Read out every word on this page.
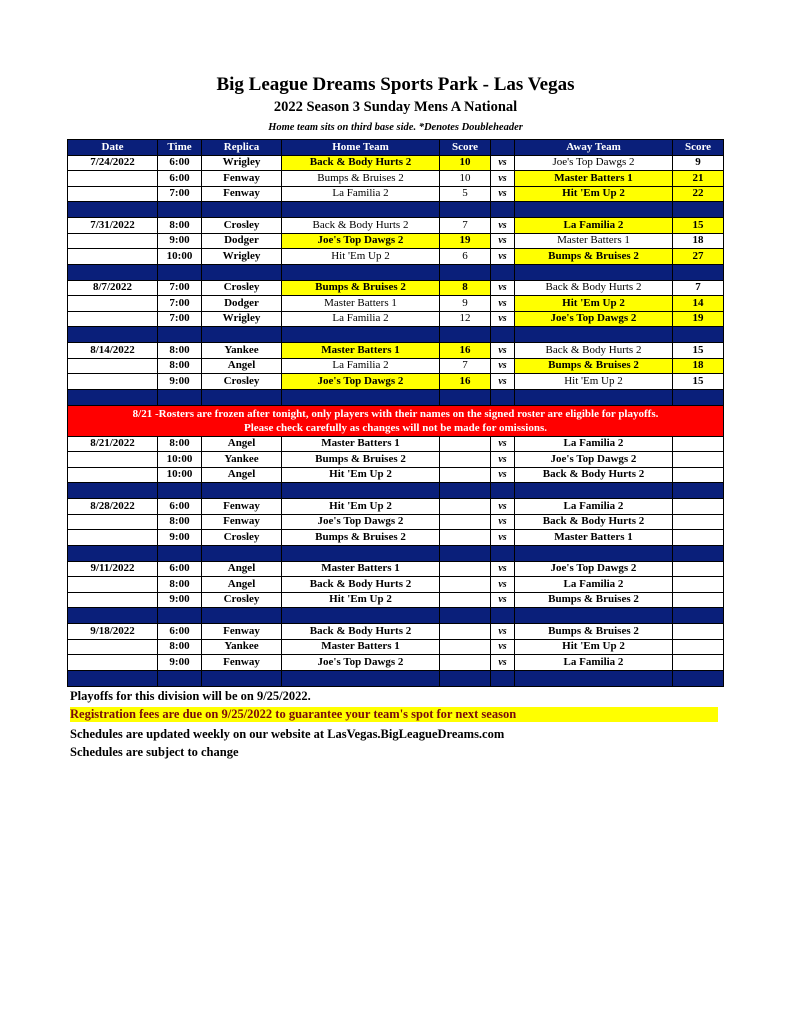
Big League Dreams Sports Park - Las Vegas
2022 Season 3 Sunday Mens A National
Home team sits on third base side. *Denotes Doubleheader
Date	Time	Replica	Home Team	Score		Away Team	Score
7/24/2022	6:00	Wrigley	Back & Body Hurts 2	10	vs	Joe's Top Dawgs 2	9
	6:00	Fenway	Bumps & Bruises 2	10	vs	Master Batters 1	21
	7:00	Fenway	La Familia 2	5	vs	Hit 'Em Up 2	22

7/31/2022	8:00	Crosley	Back & Body Hurts 2	7	vs	La Familia 2	15
	9:00	Dodger	Joe's Top Dawgs 2	19	vs	Master Batters 1	18
	10:00	Wrigley	Hit 'Em Up 2	6	vs	Bumps & Bruises 2	27

8/7/2022	7:00	Crosley	Bumps & Bruises 2	8	vs	Back & Body Hurts 2	7
	7:00	Dodger	Master Batters 1	9	vs	Hit 'Em Up 2	14
	7:00	Wrigley	La Familia 2	12	vs	Joe's Top Dawgs 2	19

8/14/2022	8:00	Yankee	Master Batters 1	16	vs	Back & Body Hurts 2	15
	8:00	Angel	La Familia 2	7	vs	Bumps & Bruises 2	18
	9:00	Crosley	Joe's Top Dawgs 2	16	vs	Hit 'Em Up 2	15

8/21 -Rosters are frozen after tonight, only players with their names on the signed roster are eligible for playoffs.
Please check carefully as changes will not be made for omissions.							

8/21/2022	8:00	Angel	Master Batters 1		vs	La Familia 2	
	10:00	Yankee	Bumps & Bruises 2		vs	Joe's Top Dawgs 2	
	10:00	Angel	Hit 'Em Up 2		vs	Back & Body Hurts 2	

8/28/2022	6:00	Fenway	Hit 'Em Up 2		vs	La Familia 2	
	8:00	Fenway	Joe's Top Dawgs 2		vs	Back & Body Hurts 2	
	9:00	Crosley	Bumps & Bruises 2		vs	Master Batters 1	

9/11/2022	6:00	Angel	Master Batters 1		vs	Joe's Top Dawgs 2	
	8:00	Angel	Back & Body Hurts 2		vs	La Familia 2	
	9:00	Crosley	Hit 'Em Up 2		vs	Bumps & Bruises 2	

9/18/2022	6:00	Fenway	Back & Body Hurts 2		vs	Bumps & Bruises 2	
	8:00	Yankee	Master Batters 1		vs	Hit 'Em Up 2	
	9:00	Fenway	Joe's Top Dawgs 2		vs	La Familia 2	

Playoffs for this division will be on 9/25/2022.
Registration fees are due on 9/25/2022 to guarantee your team's spot for next season
Schedules are updated weekly on our website at LasVegas.BigLeagueDreams.com
Schedules are subject to change
